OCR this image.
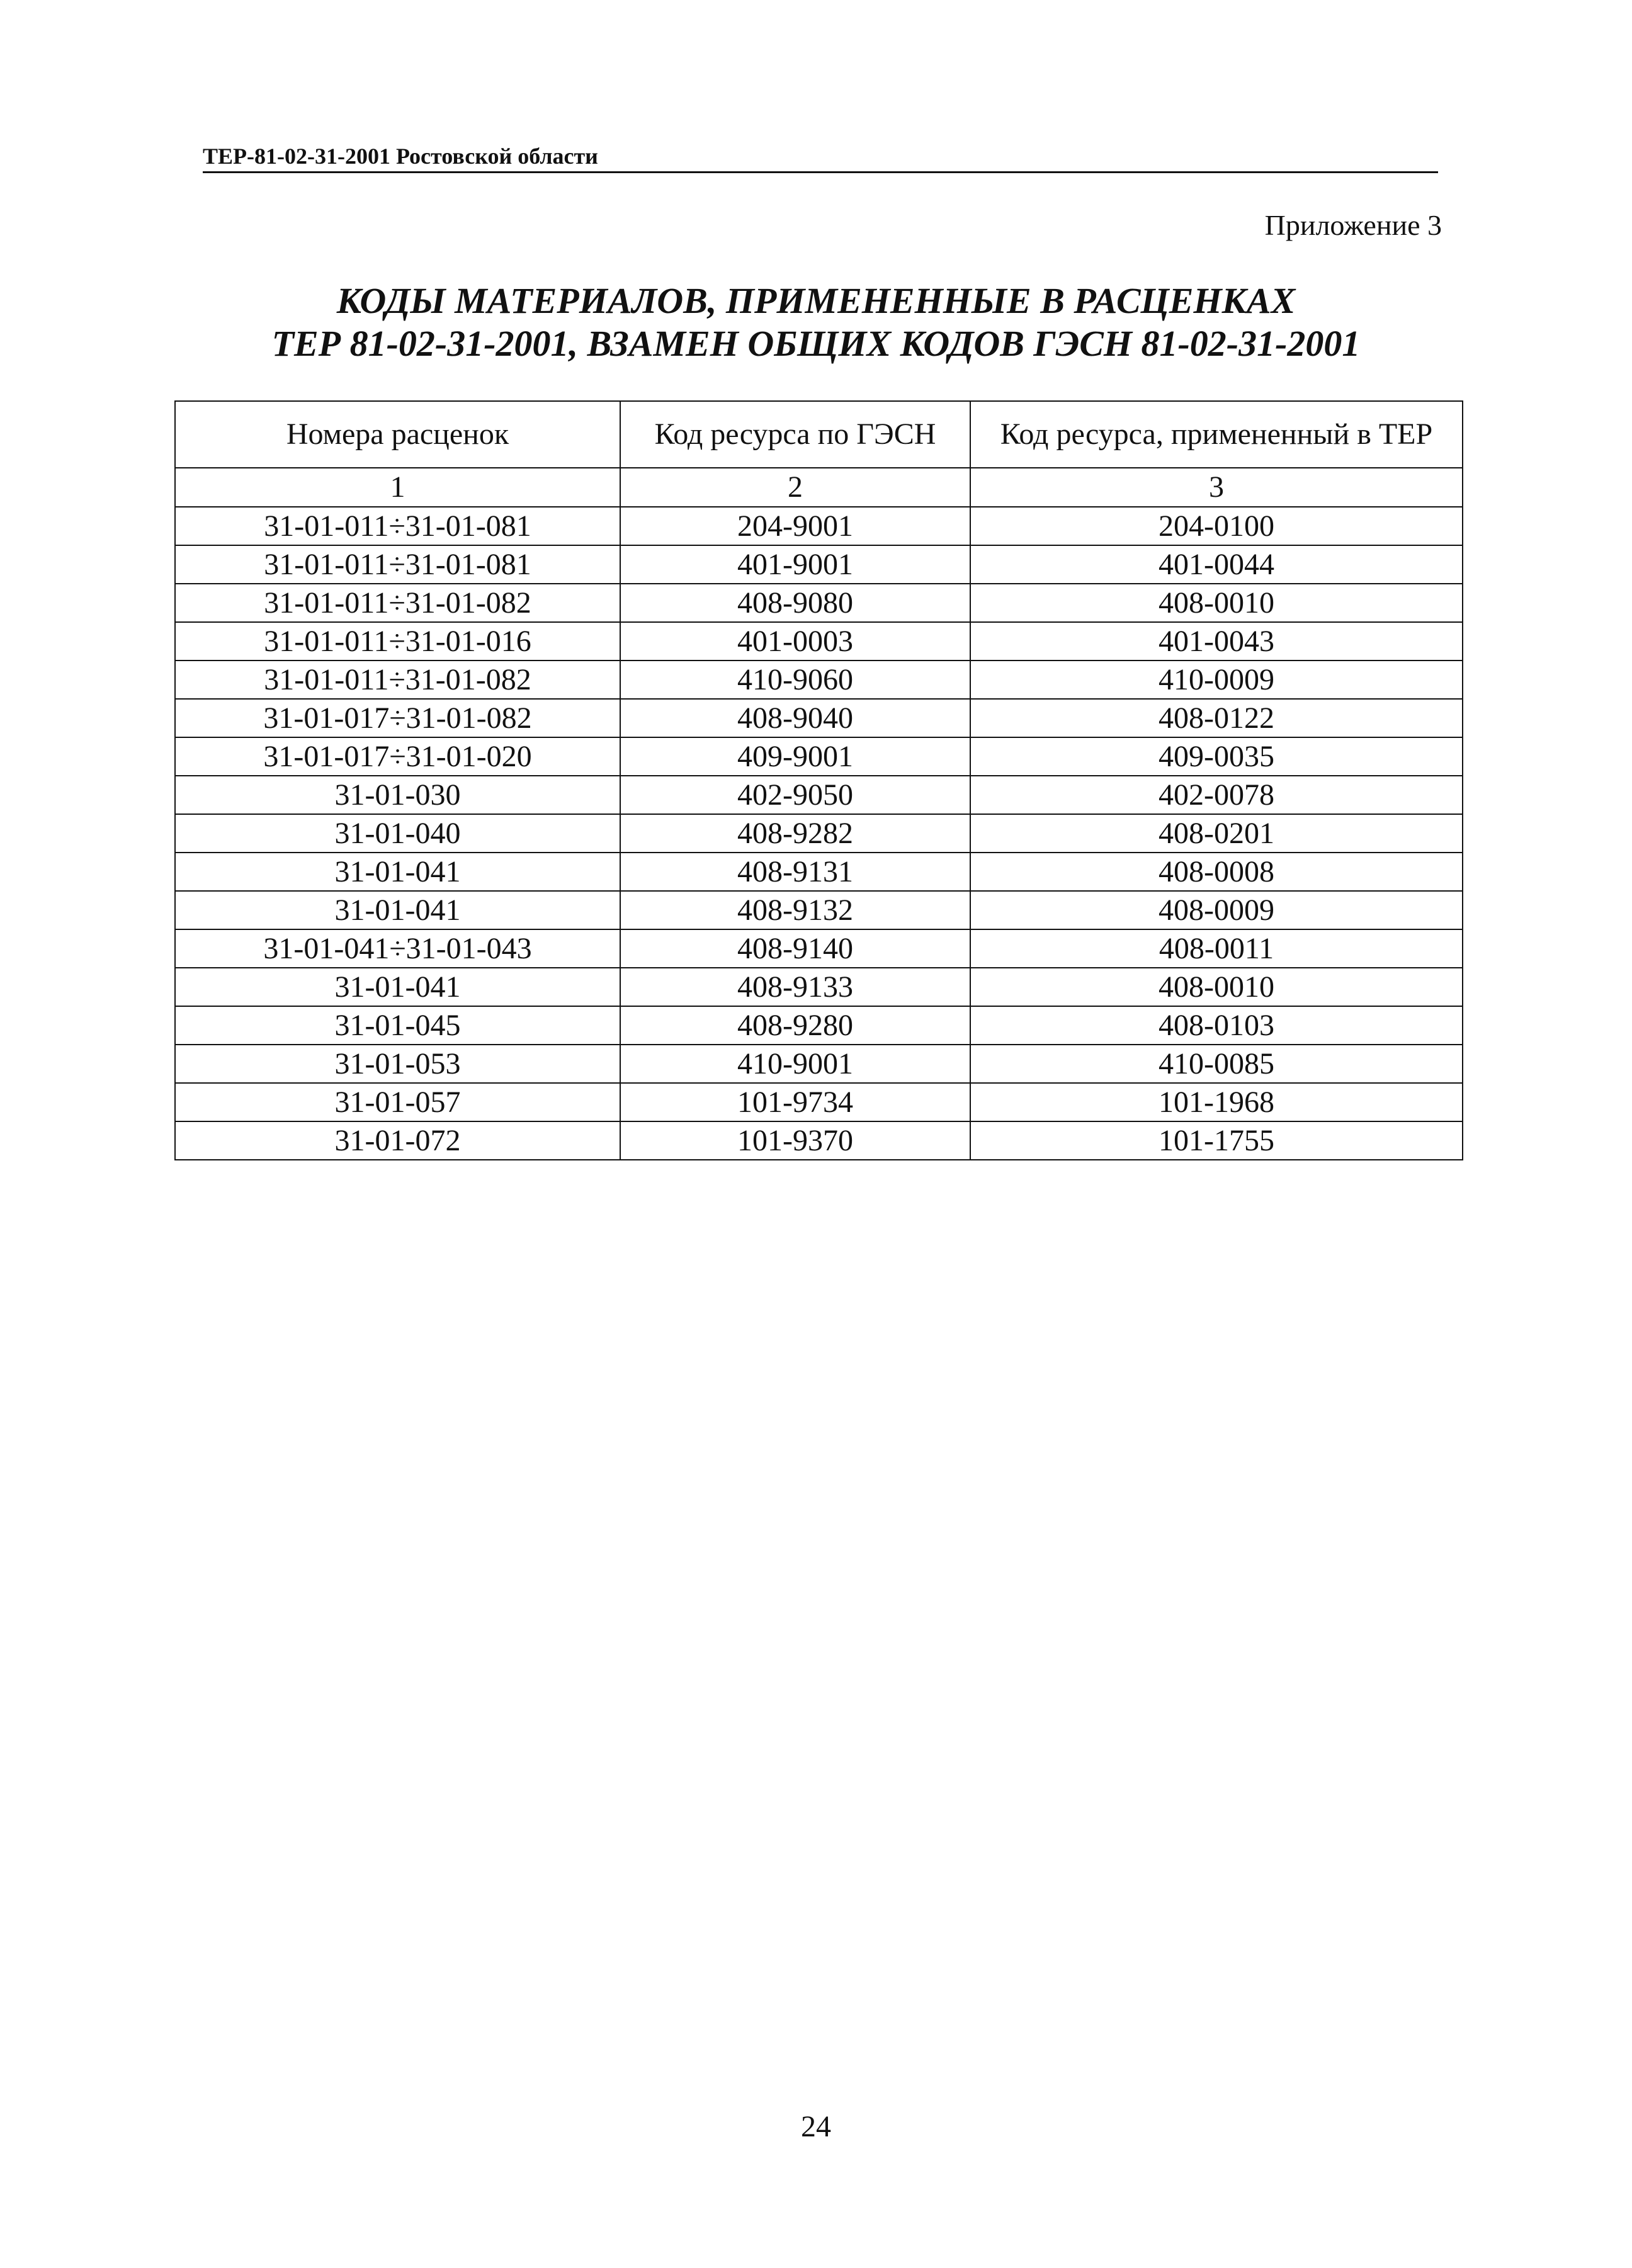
ТЕР-81-02-31-2001 Ростовской области
Приложение 3
КОДЫ МАТЕРИАЛОВ, ПРИМЕНЕННЫЕ В РАСЦЕНКАХ
ТЕР 81-02-31-2001, ВЗАМЕН ОБЩИХ КОДОВ ГЭСН 81-02-31-2001
Номера расценок	Код ресурса по ГЭСН	Код ресурса, примененный в ТЕР
1	2	3
31-01-011÷31-01-081	204-9001	204-0100
31-01-011÷31-01-081	401-9001	401-0044
31-01-011÷31-01-082	408-9080	408-0010
31-01-011÷31-01-016	401-0003	401-0043
31-01-011÷31-01-082	410-9060	410-0009
31-01-017÷31-01-082	408-9040	408-0122
31-01-017÷31-01-020	409-9001	409-0035
31-01-030	402-9050	402-0078
31-01-040	408-9282	408-0201
31-01-041	408-9131	408-0008
31-01-041	408-9132	408-0009
31-01-041÷31-01-043	408-9140	408-0011
31-01-041	408-9133	408-0010
31-01-045	408-9280	408-0103
31-01-053	410-9001	410-0085
31-01-057	101-9734	101-1968
31-01-072	101-9370	101-1755
24
